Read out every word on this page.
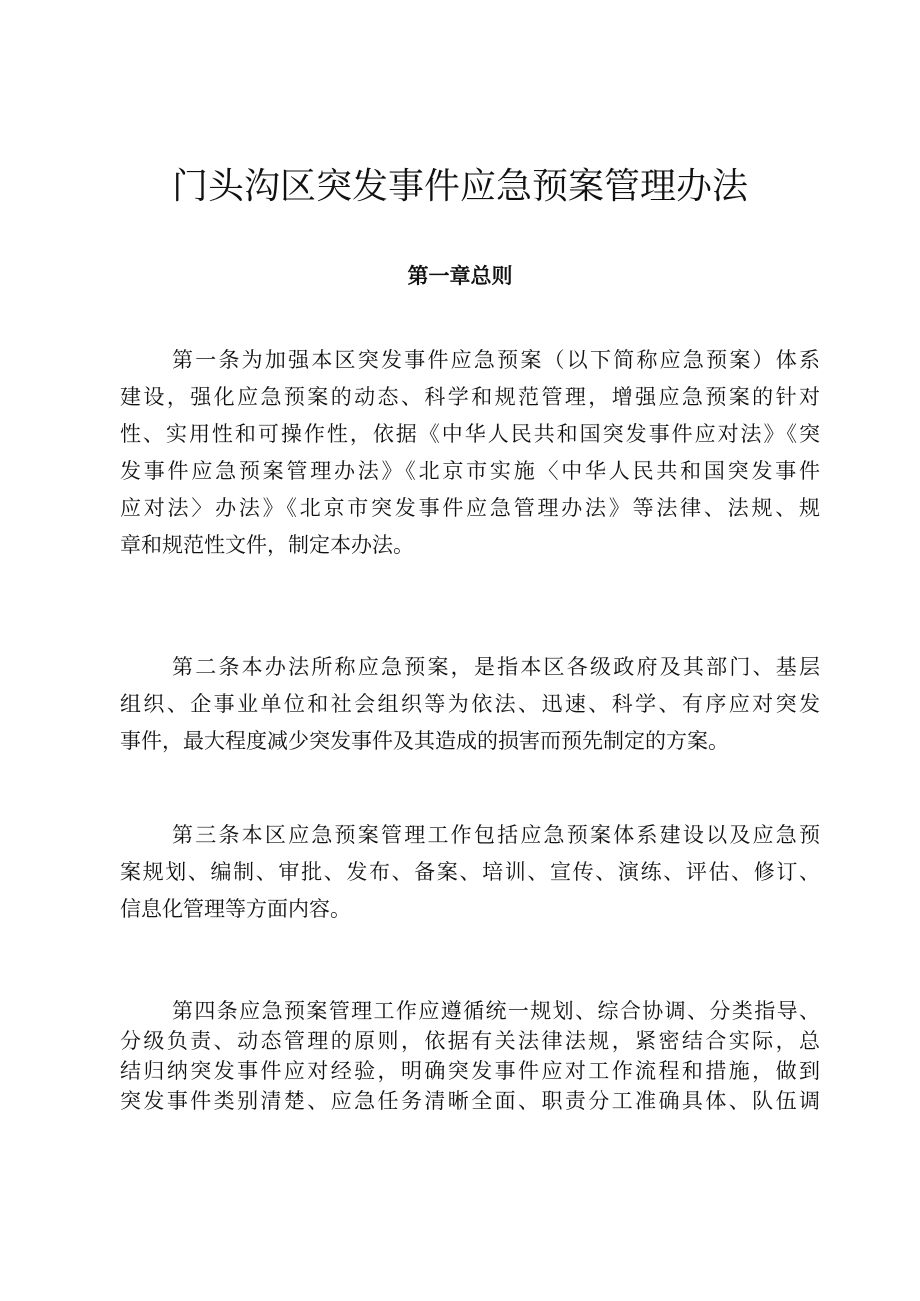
门头沟区突发事件应急预案管理办法
第一章总则
第一条为加强本区突发事件应急预案（以下简称应急预案）体系
建设，强化应急预案的动态、科学和规范管理，增强应急预案的针对
性、实用性和可操作性，依据《中华人民共和国突发事件应对法》《突
发事件应急预案管理办法》《北京市实施〈中华人民共和国突发事件
应对法〉办法》《北京市突发事件应急管理办法》等法律、法规、规
章和规范性文件，制定本办法。
第二条本办法所称应急预案，是指本区各级政府及其部门、基层
组织、企事业单位和社会组织等为依法、迅速、科学、有序应对突发
事件，最大程度减少突发事件及其造成的损害而预先制定的方案。
第三条本区应急预案管理工作包括应急预案体系建设以及应急预
案规划、编制、审批、发布、备案、培训、宣传、演练、评估、修订、
信息化管理等方面内容。
第四条应急预案管理工作应遵循统一规划、综合协调、分类指导、
分级负责、动态管理的原则，依据有关法律法规，紧密结合实际，总
结归纳突发事件应对经验，明确突发事件应对工作流程和措施，做到
突发事件类别清楚、应急任务清晰全面、职责分工准确具体、队伍调
